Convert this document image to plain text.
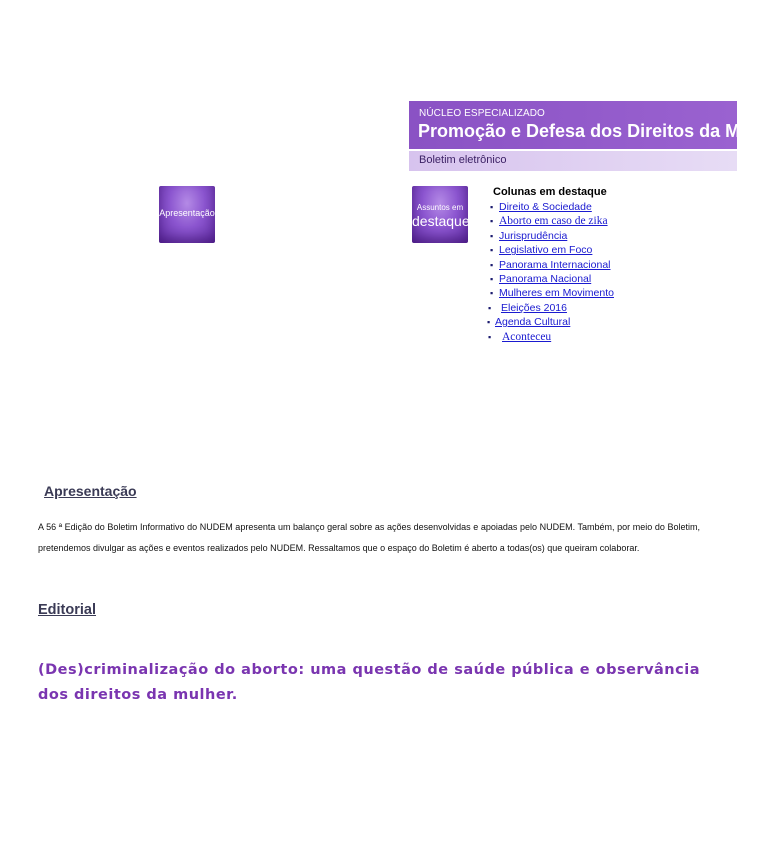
NÚCLEO ESPECIALIZADO
Promoção e Defesa dos Direitos da Mulher
Boletim eletrônico
Apresentação
Assuntos em
destaque
Colunas em destaque
▪ Direito & Sociedade
▪ Aborto em caso de zika
▪ Jurisprudência
▪ Legislativo em Foco
▪ Panorama Internacional
▪ Panorama Nacional
▪ Mulheres em Movimento
▪ Eleições 2016
▪ Agenda Cultural
▪ Aconteceu
Apresentação
A 56 ª Edição do Boletim Informativo do NUDEM apresenta um balanço geral sobre as ações desenvolvidas e apoiadas pelo NUDEM. Também, por meio do Boletim, pretendemos divulgar as ações e eventos realizados pelo NUDEM. Ressaltamos que o espaço do Boletim é aberto a todas(os) que queiram colaborar.
Editorial
(Des)criminalização do aborto: uma questão de saúde pública e observância dos direitos da mulher.
